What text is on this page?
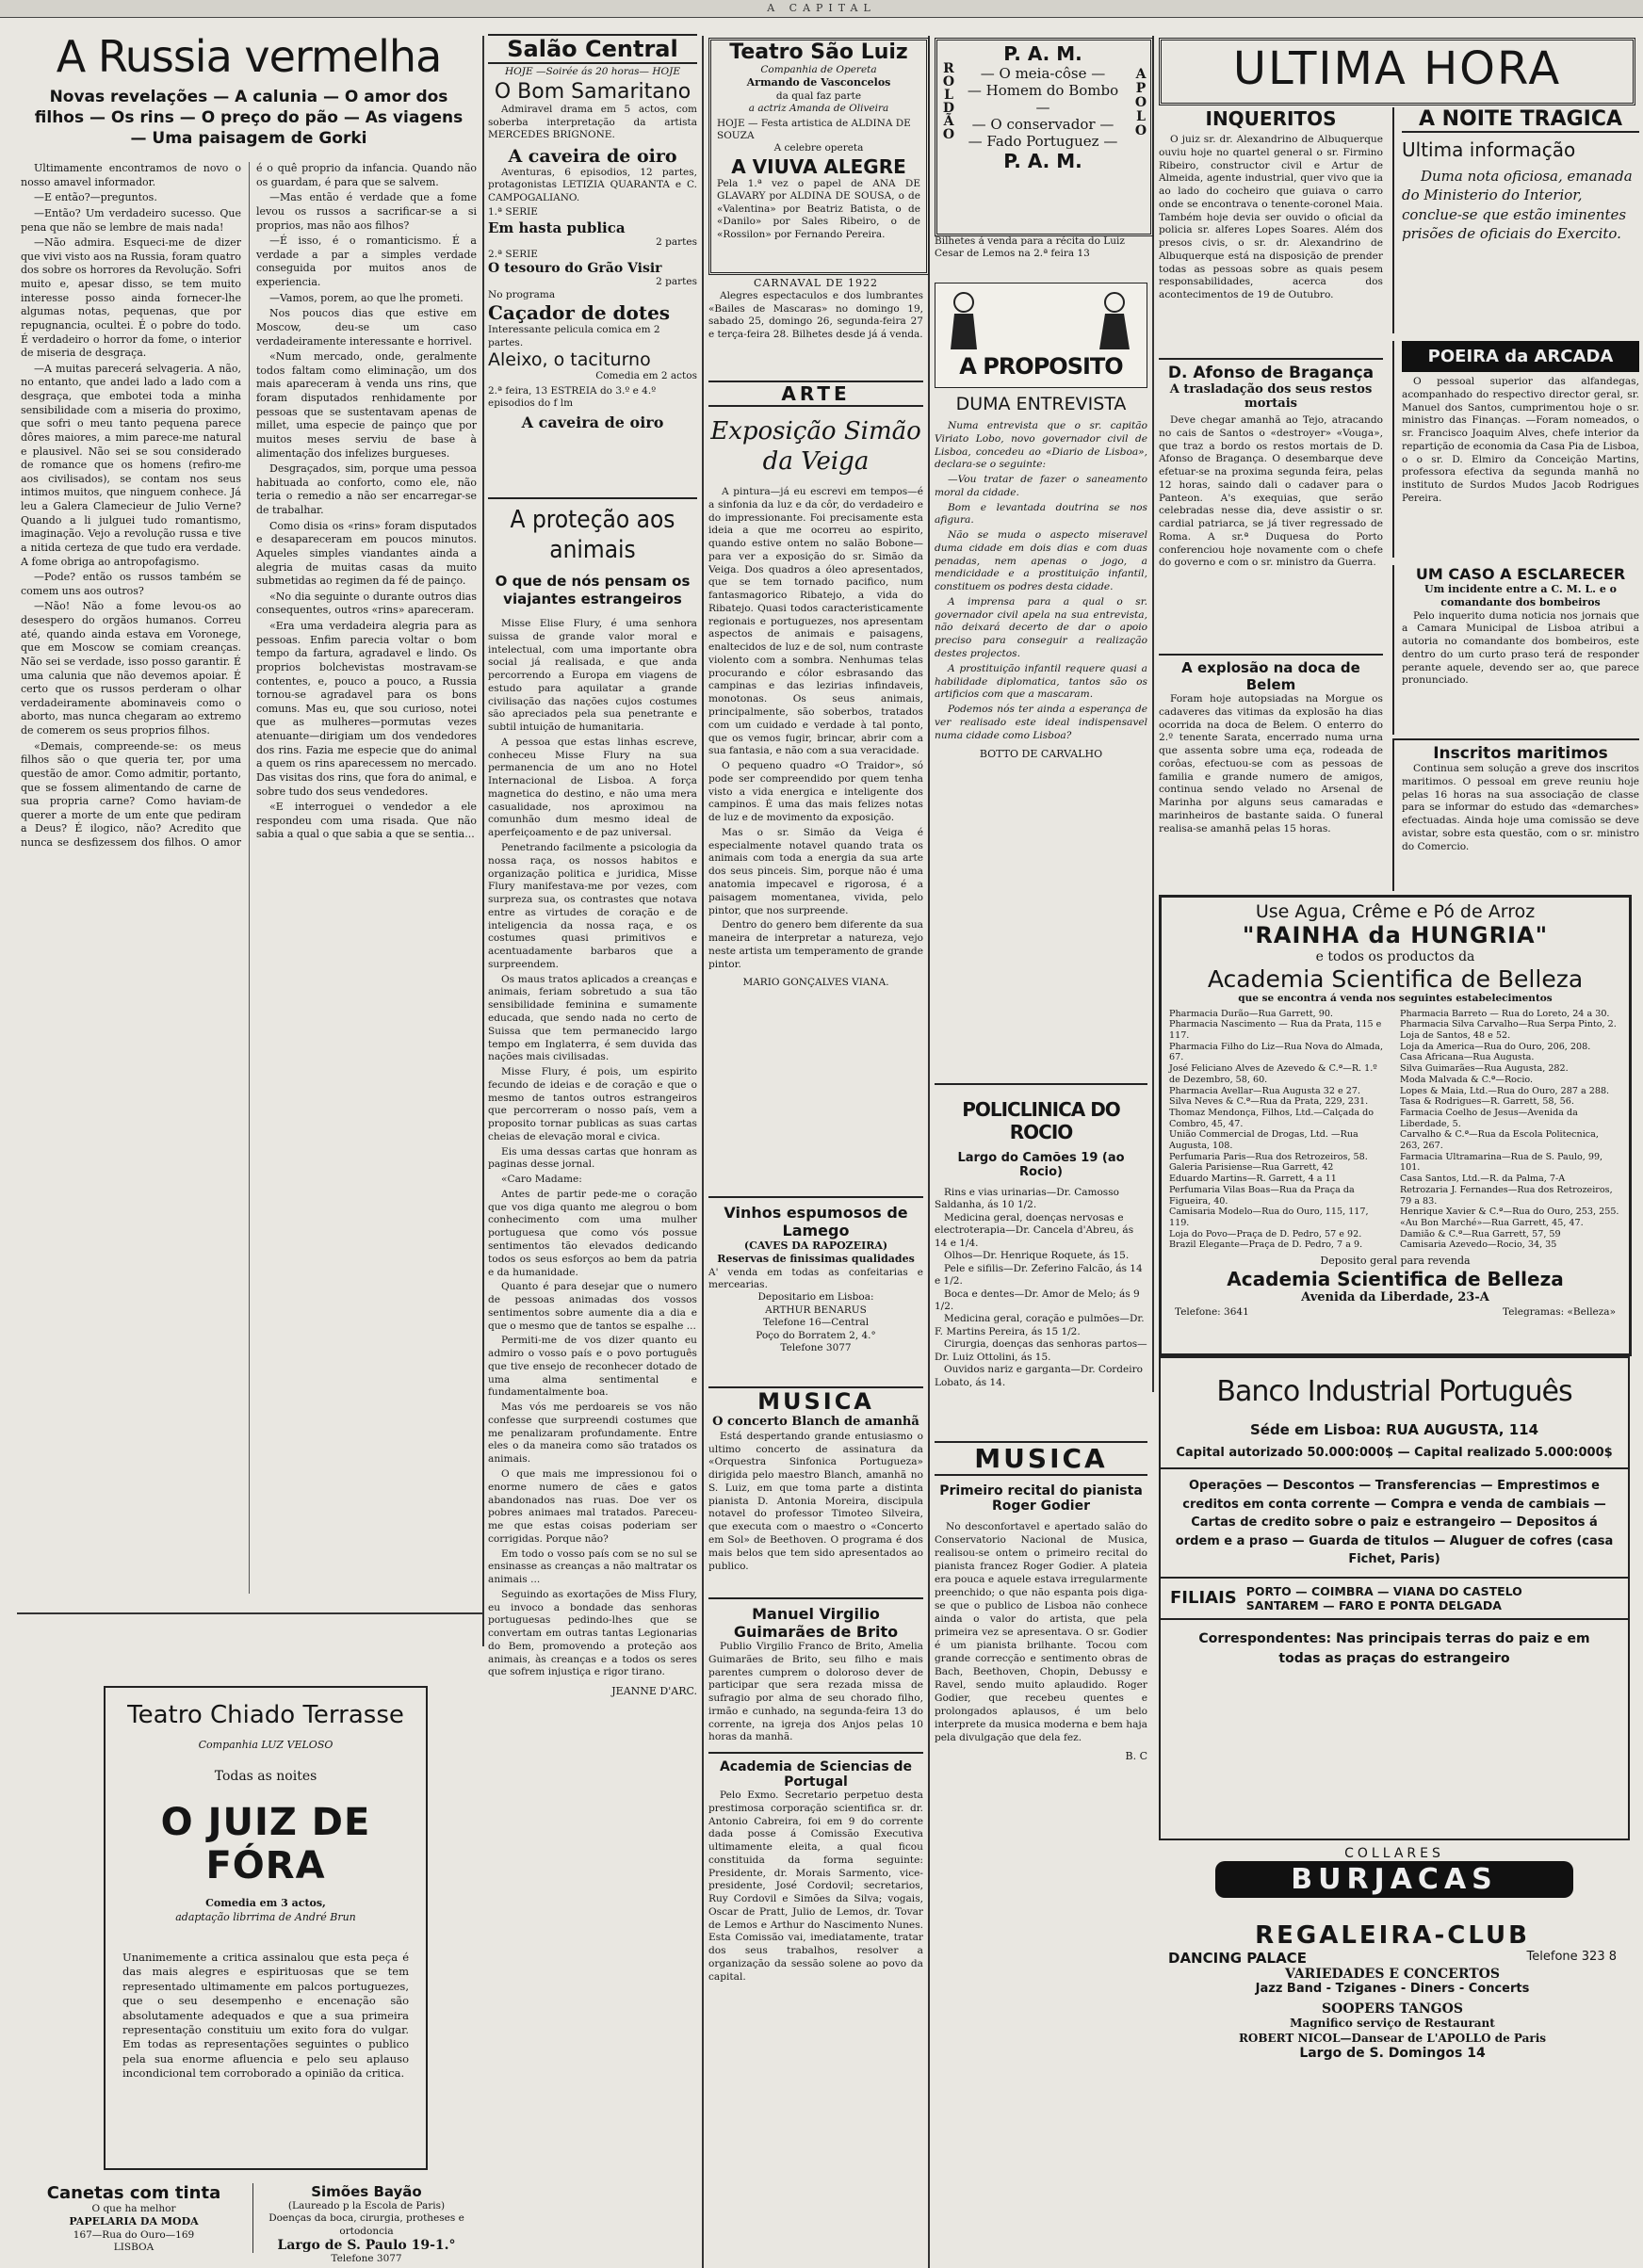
A CAPITAL
A Russia vermelha
Novas revelações — A calunia — O amor dos filhos — Os rins — O preço do pão — As viagens — Uma paisagem de Gorki

Ultimamente encontramos de novo o nosso amavel informador.

—E então?—preguntos.

—Então? Um verdadeiro sucesso. Que pena que não se lembre de mais nada!

—Não admira. Esqueci-me de dizer que vivi visto aos na Russia, foram quatro dos sobre os horrores da Revolução. Sofri muito e, apesar disso, se tem muito interesse posso ainda fornecer-lhe algumas notas, pequenas, que por repugnancia, ocultei. É o pobre do todo. É verdadeiro o horror da fome, o interior de miseria de desgraça.

—A muitas parecerá selvageria. A não, no entanto, que andei lado a lado com a desgraça, que embotei toda a minha sensibilidade com a miseria do proximo, que sofri o meu tanto pequena parece dôres maiores, a mim parece-me natural e plausivel. Não sei se sou considerado de romance que os homens (refiro-me aos civilisados), se contam nos seus intimos muitos, que ninguem conhece. Já leu a Galera Clamecieur de Julio Verne? Quando a li julguei tudo romantismo, imaginação. Vejo a revolução russa e tive a nitida certeza de que tudo era verdade. A fome obriga ao antropofagismo.

—Pode? então os russos também se comem uns aos outros?

—Não! Não a fome levou-os ao desespero do orgãos humanos. Correu até, quando ainda estava em Voronege, que em Moscow se comiam creanças. Não sei se verdade, isso posso garantir. É uma calunia que não devemos apoiar. É certo que os russos perderam o olhar verdadeiramente abominaveis como o aborto, mas nunca chegaram ao extremo de comerem os seus proprios filhos.

«Demais, compreende-se: os meus filhos são o que queria ter, por uma questão de amor. Como admitir, portanto, que se fossem alimentando de carne de sua propria carne? Como haviam-de querer a morte de um ente que pediram a Deus? É ilogico, não? Acredito que nunca se desfizessem dos filhos. O amor é o quê proprio da infancia. Quando não os guardam, é para que se salvem.

—Mas então é verdade que a fome levou os russos a sacrificar-se a si proprios, mas não aos filhos?

—É isso, é o romanticismo. É a verdade a par a simples verdade conseguida por muitos anos de experiencia.

—Vamos, porem, ao que lhe prometi.

Nos poucos dias que estive em Moscow, deu-se um caso verdadeiramente interessante e horrivel.

«Num mercado, onde, geralmente todos faltam como eliminação, um dos mais apareceram à venda uns rins, que foram disputados renhidamente por pessoas que se sustentavam apenas de millet, uma especie de painço que por muitos meses serviu de base à alimentação dos infelizes burgueses.

Desgraçados, sim, porque uma pessoa habituada ao conforto, como ele, não teria o remedio a não ser encarregar-se de trabalhar.

Como disia os «rins» foram disputados e desapareceram em poucos minutos. Aqueles simples viandantes ainda a alegria de muitas casas da muito submetidas ao regimen da fé de painço.

«No dia seguinte o durante outros dias consequentes, outros «rins» apareceram.

«Era uma verdadeira alegria para as pessoas. Enfim parecia voltar o bom tempo da fartura, agradavel e lindo. Os proprios bolchevistas mostravam-se contentes, e, pouco a pouco, a Russia tornou-se agradavel para os bons comuns. Mas eu, que sou curioso, notei que as mulheres—pormutas vezes atenuante—dirigiam um dos vendedores dos rins. Fazia me especie que do animal a quem os rins aparecessem no mercado. Das visitas dos rins, que fora do animal, e sobre tudo dos seus vendedores.

«E interroguei o vendedor a ele respondeu com uma risada. Que não sabia a qual o que sabia a que se sentia...

Teatro Chiado Terrasse
Companhia LUZ VELOSO
Todas as noites
O JUIZ DE FÓRA
Comedia em 3 actos,
adaptação librrima de André Brun
Unanimemente a critica assinalou que esta peça é das mais alegres e espirituosas que se tem representado ultimamente em palcos portuguezes, que o seu desempenho e encenação são absolutamente adequados e que a sua primeira representação constituiu um exito fora do vulgar. Em todas as representações seguintes o publico pela sua enorme afluencia e pelo seu aplauso incondicional tem corroborado a opinião da critica.
Canetas com tinta
O que ha melhor
PAPELARIA DA MODA
167—Rua do Ouro—169
LISBOA
Simões Bayão
(Laureado p la Escola de Paris)
Doenças da boca, cirurgia, protheses e ortodoncia
Largo de S. Paulo 19-1.°
Telefone 3077
Salão Central
HOJE —Soirée ás 20 horas— HOJE
O Bom Samaritano
Admiravel drama em 5 actos, com soberba interpretação da artista MERCEDES BRIGNONE.
A caveira de oiro
Aventuras, 6 episodios, 12 partes, protagonistas LETIZIA QUARANTA e C. CAMPOGALIANO.
1.ª SERIE
Em hasta publica
2 partes
2.ª SERIE
O tesouro do Grão Visir
2 partes
No programa
Caçador de dotes
Interessante pelicula comica em 2 partes.
Aleixo, o taciturno
Comedia em 2 actos
2.ª feira, 13 ESTREIA do 3.º e 4.º episodios do f lm
A caveira de oiro
A proteção aos animais
O que de nós pensam os viajantes estrangeiros

Misse Elise Flury, é uma senhora suissa de grande valor moral e intelectual, com uma importante obra social já realisada, e que anda percorrendo a Europa em viagens de estudo para aquilatar a grande civilisação das nações cujos costumes são apreciados pela sua penetrante e subtil intuição de humanitaria.

A pessoa que estas linhas escreve, conheceu Misse Flury na sua permanencia de um ano no Hotel Internacional de Lisboa. A força magnetica do destino, e não uma mera casualidade, nos aproximou na comunhão dum mesmo ideal de aperfeiçoamento e de paz universal.

Penetrando facilmente a psicologia da nossa raça, os nossos habitos e organização politica e juridica, Misse Flury manifestava-me por vezes, com surpreza sua, os contrastes que notava entre as virtudes de coração e de inteligencia da nossa raça, e os costumes quasi primitivos e acentuadamente barbaros que a surpreendem.

Os maus tratos aplicados a creanças e animais, feriam sobretudo a sua tão sensibilidade feminina e sumamente educada, que sendo nada no certo de Suissa que tem permanecido largo tempo em Inglaterra, é sem duvida das nações mais civilisadas.

Misse Flury, é pois, um espirito fecundo de ideias e de coração e que o mesmo de tantos outros estrangeiros que percorreram o nosso país, vem a proposito tornar publicas as suas cartas cheias de elevação moral e civica.

Eis uma dessas cartas que honram as paginas desse jornal.

«Caro Madame:

Antes de partir pede-me o coração que vos diga quanto me alegrou o bom conhecimento com uma mulher portuguesa que como vós possue sentimentos tão elevados dedicando todos os seus esforços ao bem da patria e da humanidade.

Quanto é para desejar que o numero de pessoas animadas dos vossos sentimentos sobre aumente dia a dia e que o mesmo que de tantos se espalhe ...

Permiti-me de vos dizer quanto eu admiro o vosso país e o povo português que tive ensejo de reconhecer dotado de uma alma sentimental e fundamentalmente boa.

Mas vós me perdoareis se vos não confesse que surpreendi costumes que me penalizaram profundamente. Entre eles o da maneira como são tratados os animais.

O que mais me impressionou foi o enorme numero de cães e gatos abandonados nas ruas. Doe ver os pobres animaes mal tratados. Pareceu-me que estas coisas poderiam ser corrigidas. Porque não?

Em todo o vosso país com se no sul se ensinasse as creanças a não maltratar os animais ...

Seguindo as exortações de Miss Flury, eu invoco a bondade das senhoras portuguesas pedindo-lhes que se convertam em outras tantas Legionarias do Bem, promovendo a proteção aos animais, às creanças e a todos os seres que sofrem injustiça e rigor tirano.

JEANNE D'ARC.
Teatro São Luiz
Companhia de Opereta
Armando de Vasconcelos
da qual faz parte
a actriz Amanda de Oliveira
HOJE — Festa artistica de ALDINA DE SOUZA
A celebre opereta
A VIUVA ALEGRE
Pela 1.ª vez o papel de ANA DE GLAVARY por ALDINA DE SOUSA, o de «Valentina» por Beatriz Batista, o de «Danilo» por Sales Ribeiro, o de «Rossilon» por Fernando Pereira.
CARNAVAL DE 1922
Alegres espectaculos e dos lumbrantes «Bailes de Mascaras» no domingo 19, sabado 25, domingo 26, segunda-feira 27 e terça-feira 28. Bilhetes desde já á venda.
ARTE
Exposição Simão da Veiga

A pintura—já eu escrevi em tempos—é a sinfonia da luz e da côr, do verdadeiro e do impressionante. Foi precisamente esta ideia a que me ocorreu ao espirito, quando estive ontem no salão Bobone—para ver a exposição do sr. Simão da Veiga. Dos quadros a óleo apresentados, que se tem tornado pacifico, num fantasmagorico Ribatejo, a vida do Ribatejo. Quasi todos caracteristicamente regionais e portuguezes, nos apresentam aspectos de animais e paisagens, enaltecidos de luz e de sol, num contraste violento com a sombra. Nenhumas telas procurando e cólor esbrasando das campinas e das lezirias infindaveis, monotonas. Os seus animais, principalmente, são soberbos, tratados com um cuidado e verdade à tal ponto, que os vemos fugir, brincar, abrir com a sua fantasia, e não com a sua veracidade.

O pequeno quadro «O Traidor», só pode ser compreendido por quem tenha visto a vida energica e inteligente dos campinos. É uma das mais felizes notas de luz e de movimento da exposição.

Mas o sr. Simão da Veiga é especialmente notavel quando trata os animais com toda a energia da sua arte dos seus pinceis. Sim, porque não é uma anatomia impecavel e rigorosa, é a paisagem momentanea, vivida, pelo pintor, que nos surpreende.

Dentro do genero bem diferente da sua maneira de interpretar a natureza, vejo neste artista um temperamento de grande pintor.

MARIO GONÇALVES VIANA.
Vinhos espumosos de Lamego
(CAVES DA RAPOZEIRA)
Reservas de finissimas qualidades
A' venda em todas as confeitarias e mercearias.
Depositario em Lisboa:
ARTHUR BENARUS
Telefone 16—Central
Poço do Borratem 2, 4.°
Telefone 3077
MUSICA
O concerto Blanch de amanhã
Está despertando grande entusiasmo o ultimo concerto de assinatura da «Orquestra Sinfonica Portugueza» dirigida pelo maestro Blanch, amanhã no S. Luiz, em que toma parte a distinta pianista D. Antonia Moreira, discipula notavel do professor Timoteo Silveira, que executa com o maestro o «Concerto em Sol» de Beethoven. O programa é dos mais belos que tem sido apresentados ao publico.
Manuel Virgilio Guimarães de Brito
Publio Virgilio Franco de Brito, Amelia Guimarães de Brito, seu filho e mais parentes cumprem o doloroso dever de participar que sera rezada missa de sufragio por alma de seu chorado filho, irmão e cunhado, na segunda-feira 13 do corrente, na igreja dos Anjos pelas 10 horas da manhã.
Academia de Sciencias de Portugal
Pelo Exmo. Secretario perpetuo desta prestimosa corporação scientifica sr. dr. Antonio Cabreira, foi em 9 do corrente dada posse á Comissão Executiva ultimamente eleita, a qual ficou constituida da forma seguinte: Presidente, dr. Morais Sarmento, vice-presidente, José Cordovil; secretarios, Ruy Cordovil e Simões da Silva; vogais, Oscar de Pratt, Julio de Lemos, dr. Tovar de Lemos e Arthur do Nascimento Nunes. Esta Comissão vai, imediatamente, tratar dos seus trabalhos, resolver a organização da sessão solene ao povo da capital.
ROLDÃO	APOLO
P. A. M.
— O meia-côse —
— Homem do Bombo —
— O conservador —
— Fado Portuguez —
P. A. M.
Bilhetes á venda para a récita do Luiz Cesar de Lemos na 2.ª feira 13
A PROPOSITO
DUMA ENTREVISTA

Numa entrevista que o sr. capitão Viriato Lobo, novo governador civil de Lisboa, concedeu ao «Diario de Lisboa», declara-se o seguinte:

—Vou tratar de fazer o saneamento moral da cidade.

Bom e levantada doutrina se nos afigura.

Não se muda o aspecto miseravel duma cidade em dois dias e com duas penadas, nem apenas o jogo, a mendicidade e a prostituição infantil, constituem os podres desta cidade.

A imprensa para a qual o sr. governador civil apela na sua entrevista, não deixará decerto de dar o apoio preciso para conseguir a realização destes projectos.

A prostituição infantil requere quasi a habilidade diplomatica, tantos são os artificios com que a mascaram.

Podemos nós ter ainda a esperança de ver realisado este ideal indispensavel numa cidade como Lisboa?

BOTTO DE CARVALHO
POLICLINICA DO ROCIO
Largo do Camões 19 (ao Rocio)
Rins e vias urinarias—Dr. Camosso Saldanha, ás 10 1/2.
Medicina geral, doenças nervosas e electroterapia—Dr. Cancela d'Abreu, ás 14 e 1/4.
Olhos—Dr. Henrique Roquete, ás 15.
Pele e sifilis—Dr. Zeferino Falcão, ás 14 e 1/2.
Boca e dentes—Dr. Amor de Melo; ás 9 1/2.
Medicina geral, coração e pulmões—Dr. F. Martins Pereira, ás 15 1/2.
Cirurgia, doenças das senhoras partos—Dr. Luiz Ottolini, ás 15.
Ouvidos nariz e garganta—Dr. Cordeiro Lobato, ás 14.
MUSICA
Primeiro recital do pianista Roger Godier
No desconfortavel e apertado salão do Conservatorio Nacional de Musica, realisou-se ontem o primeiro recital do pianista francez Roger Godier. A plateia era pouca e aquele estava irregularmente preenchido; o que não espanta pois diga-se que o publico de Lisboa não conhece ainda o valor do artista, que pela primeira vez se apresentava. O sr. Godier é um pianista brilhante. Tocou com grande correcção e sentimento obras de Bach, Beethoven, Chopin, Debussy e Ravel, sendo muito aplaudido. Roger Godier, que recebeu quentes e prolongados aplausos, é um belo interprete da musica moderna e bem haja pela divulgação que dela fez.
B. C
ULTIMA HORA
INQUERITOS
O juiz sr. dr. Alexandrino de Albuquerque ouviu hoje no quartel general o sr. Firmino Ribeiro, constructor civil e Artur de Almeida, agente industrial, quer vivo que ia ao lado do cocheiro que guiava o carro onde se encontrava o tenente-coronel Maia. Também hoje devia ser ouvido o oficial da policia sr. alferes Lopes Soares. Além dos presos civis, o sr. dr. Alexandrino de Albuquerque está na disposição de prender todas as pessoas sobre as quais pesem responsabilidades, acerca dos acontecimentos de 19 de Outubro.
A NOITE TRAGICA
Ultima informação
Duma nota oficiosa, emanada do Ministerio do Interior, conclue-se que estão iminentes prisões de oficiais do Exercito.
D. Afonso de Bragança
A trasladação dos seus restos mortais
Deve chegar amanhã ao Tejo, atracando no cais de Santos o «destroyer» «Vouga», que traz a bordo os restos mortais de D. Afonso de Bragança. O desembarque deve efetuar-se na proxima segunda feira, pelas 12 horas, saindo dali o cadaver para o Panteon. A's exequias, que serão celebradas nesse dia, deve assistir o sr. cardial patriarca, se já tiver regressado de Roma. A sr.ª Duquesa do Porto conferenciou hoje novamente com o chefe do governo e com o sr. ministro da Guerra.
POEIRA da ARCADA
O pessoal superior das alfandegas, acompanhado do respectivo director geral, sr. Manuel dos Santos, cumprimentou hoje o sr. ministro das Finanças. —Foram nomeados, o sr. Francisco Joaquim Alves, chefe interior da repartição de economia da Casa Pia de Lisboa, o o sr. D. Elmiro da Conceição Martins, professora efectiva da segunda manhã no instituto de Surdos Mudos Jacob Rodrigues Pereira.
UM CASO A ESCLARECER
Um incidente entre a C. M. L. e o comandante dos bombeiros
Pelo inquerito duma noticia nos jornais que a Camara Municipal de Lisboa atribui a autoria no comandante dos bombeiros, este dentro do um curto praso terá de responder perante aquele, devendo ser ao, que parece pronunciado.
A explosão na doca de Belem
Foram hoje autopsiadas na Morgue os cadaveres das vitimas da explosão ha dias ocorrida na doca de Belem. O enterro do 2.º tenente Sarata, encerrado numa urna que assenta sobre uma eça, rodeada de corôas, efectuou-se com as pessoas de familia e grande numero de amigos, continua sendo velado no Arsenal de Marinha por alguns seus camaradas e marinheiros de bastante saida. O funeral realisa-se amanhã pelas 15 horas.
Inscritos maritimos
Continua sem solução a greve dos inscritos maritimos. O pessoal em greve reuniu hoje pelas 16 horas na sua associação de classe para se informar do estudo das «demarches» efectuadas. Ainda hoje uma comissão se deve avistar, sobre esta questão, com o sr. ministro do Comercio.
Use Agua, Crême e Pó de Arroz
"RAINHA da HUNGRIA"
e todos os productos da
Academia Scientifica de Belleza
que se encontra á venda nos seguintes estabelecimentos
Pharmacia Durão—Rua Garrett, 90.
Pharmacia Nascimento — Rua da Prata, 115 e 117.
Pharmacia Filho do Liz—Rua Nova do Almada, 67.
José Feliciano Alves de Azevedo & C.ª—R. 1.º de Dezembro, 58, 60.
Pharmacia Avellar—Rua Augusta 32 e 27.
Silva Neves & C.ª—Rua da Prata, 229, 231.
Thomaz Mendonça, Filhos, Ltd.—Calçada do Combro, 45, 47.
União Commercial de Drogas, Ltd. —Rua Augusta, 108.
Perfumaria Paris—Rua dos Retrozeiros, 58.
Galeria Parisiense—Rua Garrett, 42
Eduardo Martins—R. Garrett, 4 a 11
Perfumaria Vilas Boas—Rua da Praça da Figueira, 40.
Camisaria Modelo—Rua do Ouro, 115, 117, 119.
Loja do Povo—Praça de D. Pedro, 57 e 92.
Brazil Elegante—Praça de D. Pedro, 7 a 9.
Pharmacia Barreto — Rua do Loreto, 24 a 30.
Pharmacia Silva Carvalho—Rua Serpa Pinto, 2.
Loja de Santos, 48 e 52.
Loja da America—Rua do Ouro, 206, 208.
Casa Africana—Rua Augusta.
Silva Guimarães—Rua Augusta, 282.
Moda Malvada & C.ª—Rocio.
Lopes & Maia, Ltd.—Rua do Ouro, 287 a 288.
Tasa & Rodrigues—R. Garrett, 58, 56.
Farmacia Coelho de Jesus—Avenida da Liberdade, 5.
Carvalho & C.ª—Rua da Escola Politecnica, 263, 267.
Farmacia Ultramarina—Rua de S. Paulo, 99, 101.
Casa Santos, Ltd.—R. da Palma, 7-A
Retrozaria J. Fernandes—Rua dos Retrozeiros, 79 a 83.
Henrique Xavier & C.ª—Rua do Ouro, 253, 255.
«Au Bon Marché»—Rua Garrett, 45, 47.
Damião & C.ª—Rua Garrett, 57, 59
Camisaria Azevedo—Rocio, 34, 35
Deposito geral para revenda
Academia Scientifica de Belleza
Avenida da Liberdade, 23-A
Telefone: 3641	Telegramas: «Belleza»
Banco Industrial Português
Séde em Lisboa: RUA AUGUSTA, 114
Capital autorizado 50.000:000$ — Capital realizado 5.000:000$
Operações — Descontos — Transferencias — Emprestimos e creditos em conta corrente — Compra e venda de cambiais — Cartas de credito sobre o paiz e estrangeiro — Depositos á ordem e a praso — Guarda de titulos — Aluguer de cofres (casa Fichet, Paris)
FILIAIS PORTO — COIMBRA — VIANA DO CASTELO
SANTAREM — FARO E PONTA DELGADA
Correspondentes: Nas principais terras do paiz e em todas as praças do estrangeiro
COLLARES
BURJACAS
REGALEIRA-CLUB
DANCING PALACE	Telefone 323 8
VARIEDADES E CONCERTOS
Jazz Band - Tziganes - Diners - Concerts
SOOPERS TANGOS
Magnifico serviço de Restaurant
ROBERT NICOL—Dansear de L'APOLLO de Paris
Largo de S. Domingos 14
